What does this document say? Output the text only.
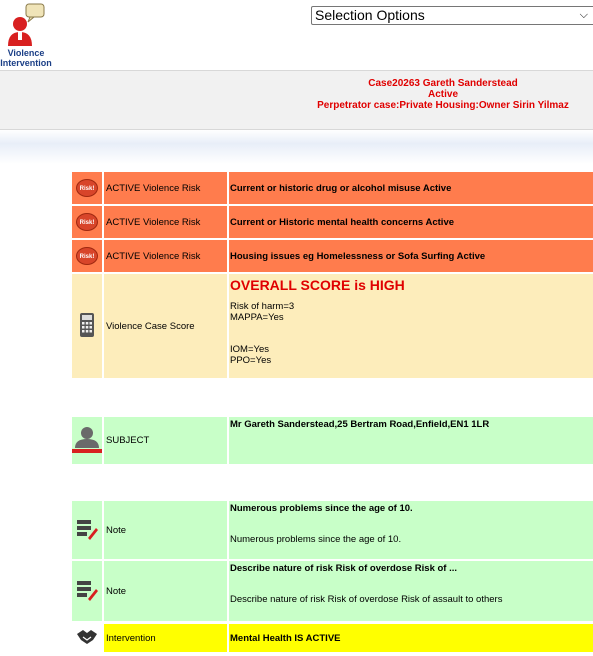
Violence
Intervention
Selection Options	⌵
Case20263 Gareth Sanderstead
Active
Perpetrator case:Private Housing:Owner Sirin Yilmaz
Risk!	ACTIVE Violence Risk	Current or historic drug or alcohol misuse Active
Risk!	ACTIVE Violence Risk	Current or Historic mental health concerns Active
Risk!	ACTIVE Violence Risk	Housing issues eg Homelessness or Sofa Surfing Active
	Violence Case Score	OVERALL SCORE is HIGH
Risk of harm=3
MAPPA=Yes
IOM=Yes
PPO=Yes

	SUBJECT	Mr Gareth Sanderstead,25 Bertram Road,Enfield,EN1 1LR

	Note	Numerous problems since the age of 10.
Numerous problems since the age of 10.

	Note	Describe nature of risk Risk of overdose Risk of ...
Describe nature of risk Risk of overdose Risk of assault to others

	Intervention	Mental Health IS ACTIVE
